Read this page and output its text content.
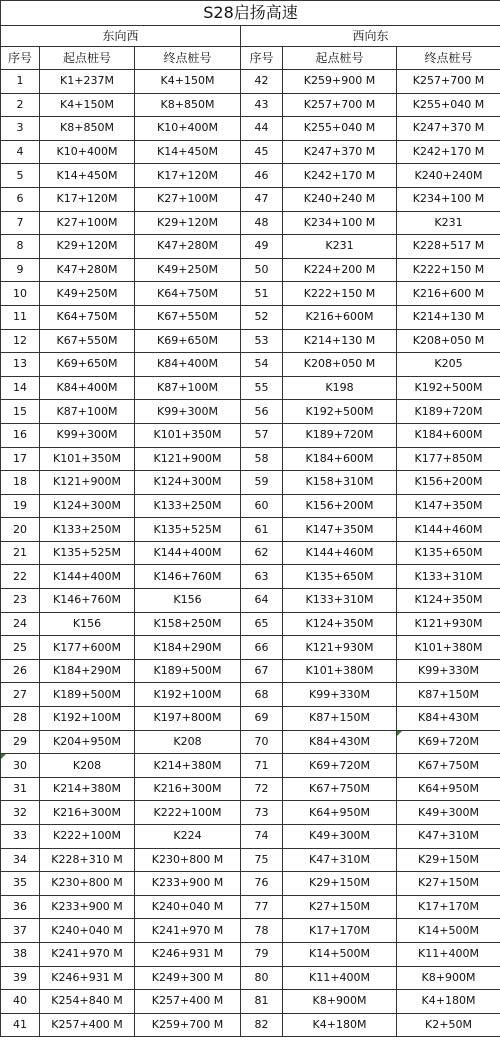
S28启扬高速					
东向西			西向东		
序号	起点桩号	终点桩号	序号	起点桩号	终点桩号
1	K1+237M	K4+150M	42	K259+900 M	K257+700 M
2	K4+150M	K8+850M	43	K257+700 M	K255+040 M
3	K8+850M	K10+400M	44	K255+040 M	K247+370 M
4	K10+400M	K14+450M	45	K247+370 M	K242+170 M
5	K14+450M	K17+120M	46	K242+170 M	K240+240M
6	K17+120M	K27+100M	47	K240+240 M	K234+100 M
7	K27+100M	K29+120M	48	K234+100 M	K231
8	K29+120M	K47+280M	49	K231	K228+517 M
9	K47+280M	K49+250M	50	K224+200 M	K222+150 M
10	K49+250M	K64+750M	51	K222+150 M	K216+600 M
11	K64+750M	K67+550M	52	K216+600M	K214+130 M
12	K67+550M	K69+650M	53	K214+130 M	K208+050 M
13	K69+650M	K84+400M	54	K208+050 M	K205
14	K84+400M	K87+100M	55	K198	K192+500M
15	K87+100M	K99+300M	56	K192+500M	K189+720M
16	K99+300M	K101+350M	57	K189+720M	K184+600M
17	K101+350M	K121+900M	58	K184+600M	K177+850M
18	K121+900M	K124+300M	59	K158+310M	K156+200M
19	K124+300M	K133+250M	60	K156+200M	K147+350M
20	K133+250M	K135+525M	61	K147+350M	K144+460M
21	K135+525M	K144+400M	62	K144+460M	K135+650M
22	K144+400M	K146+760M	63	K135+650M	K133+310M
23	K146+760M	K156	64	K133+310M	K124+350M
24	K156	K158+250M	65	K124+350M	K121+930M
25	K177+600M	K184+290M	66	K121+930M	K101+380M
26	K184+290M	K189+500M	67	K101+380M	K99+330M
27	K189+500M	K192+100M	68	K99+330M	K87+150M
28	K192+100M	K197+800M	69	K87+150M	K84+430M
29	K204+950M	K208	70	K84+430M	K69+720M
30	K208	K214+380M	71	K69+720M	K67+750M
31	K214+380M	K216+300M	72	K67+750M	K64+950M
32	K216+300M	K222+100M	73	K64+950M	K49+300M
33	K222+100M	K224	74	K49+300M	K47+310M
34	K228+310 M	K230+800 M	75	K47+310M	K29+150M
35	K230+800 M	K233+900 M	76	K29+150M	K27+150M
36	K233+900 M	K240+040 M	77	K27+150M	K17+170M
37	K240+040 M	K241+970 M	78	K17+170M	K14+500M
38	K241+970 M	K246+931 M	79	K14+500M	K11+400M
39	K246+931 M	K249+300 M	80	K11+400M	K8+900M
40	K254+840 M	K257+400 M	81	K8+900M	K4+180M
41	K257+400 M	K259+700 M	82	K4+180M	K2+50M
